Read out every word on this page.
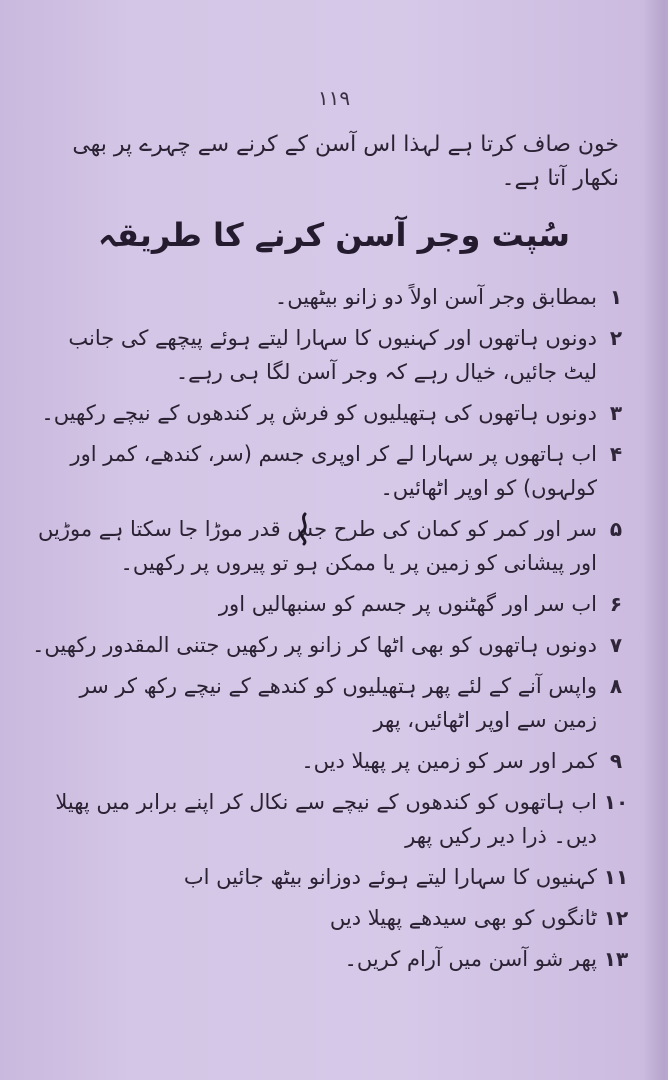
۱۱۹
خون صاف کرتا ہے لہذا اس آسن کے کرنے سے چہرے پر بھی نکھار آتا ہے۔
سُپت وجر آسن کرنے کا طریقہ
۱
بمطابق وجر آسن اولاً دو زانو بیٹھیں۔
۲
دونوں ہاتھوں اور کہنیوں کا سہارا لیتے ہوئے پیچھے کی جانب لیٹ جائیں، خیال رہے کہ وجر آسن لگا ہی رہے۔
۳
دونوں ہاتھوں کی ہتھیلیوں کو فرش پر کندھوں کے نیچے رکھیں۔
۴
اب ہاتھوں پر سہارا لے کر اوپری جسم (سر، کندھے، کمر اور کولہوں) کو اوپر اٹھائیں۔
۵
سر اور کمر کو کمان کی طرح جس قدر موڑا جا سکتا ہے موڑیں اور پیشانی کو زمین پر یا ممکن ہو تو پیروں پر رکھیں۔
۶
اب سر اور گھٹنوں پر جسم کو سنبھالیں اور
۷
دونوں ہاتھوں کو بھی اٹھا کر زانو پر رکھیں جتنی المقدور رکھیں۔
۸
واپس آنے کے لئے پھر ہتھیلیوں کو کندھے کے نیچے رکھ کر سر زمین سے اوپر اٹھائیں، پھر
۹
کمر اور سر کو زمین پر پھیلا دیں۔
۱۰
اب ہاتھوں کو کندھوں کے نیچے سے نکال کر اپنے برابر میں پھیلا دیں۔ ذرا دیر رکیں پھر
۱۱
کہنیوں کا سہارا لیتے ہوئے دوزانو بیٹھ جائیں اب
۱۲
ٹانگوں کو بھی سیدھے پھیلا دیں
۱۳
پھر شو آسن میں آرام کریں۔
